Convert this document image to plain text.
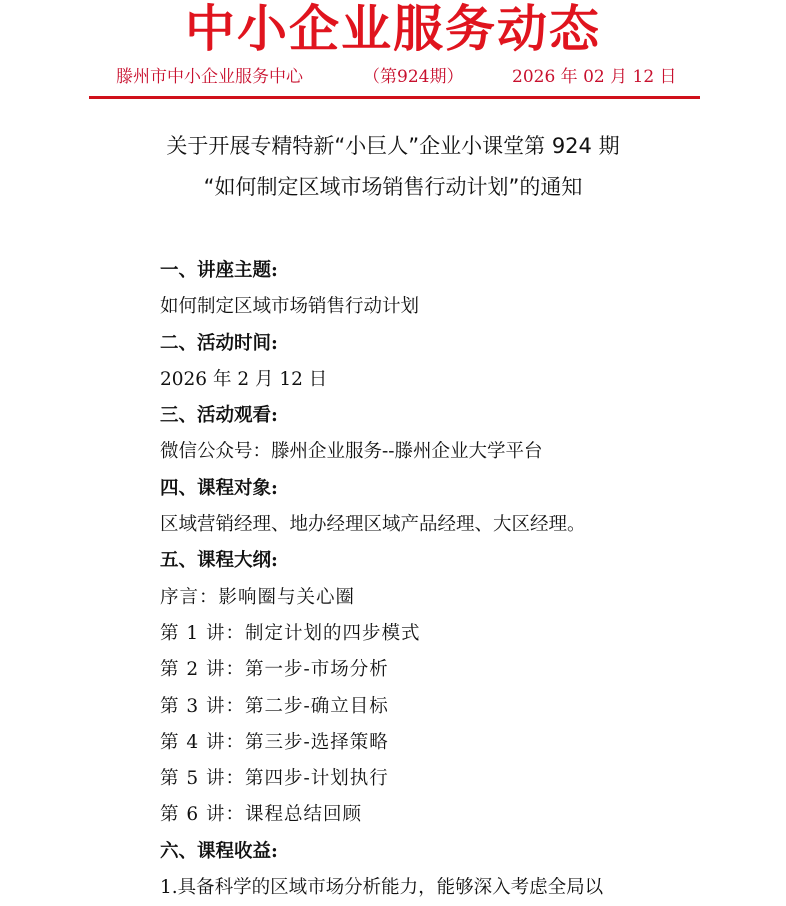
中小企业服务动态
滕州市中小企业服务中心	（第924期）	2026 年 02 月 12 日
关于开展专精特新“小巨人”企业小课堂第 924 期
“如何制定区域市场销售行动计划”的通知
一、讲座主题:
如何制定区域市场销售行动计划
二、活动时间:
2026 年 2 月 12 日
三、活动观看:
微信公众号：滕州企业服务--滕州企业大学平台
四、课程对象:
区域营销经理、地办经理区域产品经理、大区经理。
五、课程大纲:
序言：影响圈与关心圈
第 1 讲：制定计划的四步模式
第 2 讲：第一步-市场分析
第 3 讲：第二步-确立目标
第 4 讲：第三步-选择策略
第 5 讲：第四步-计划执行
第 6 讲：课程总结回顾
六、课程收益:
1.具备科学的区域市场分析能力，能够深入考虑全局以
